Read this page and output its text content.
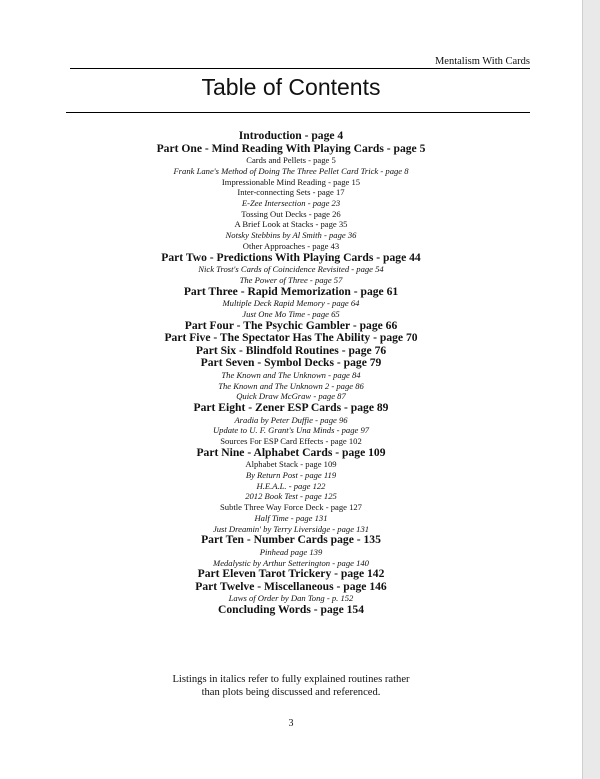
Mentalism With Cards
Table of Contents
Introduction - page 4
Part One - Mind Reading With Playing Cards - page 5
Cards and Pellets - page 5
Frank Lane's Method of Doing The Three Pellet Card Trick - page 8
Impressionable Mind Reading - page 15
Inter-connecting Sets - page 17
E-Zee Intersection - page 23
Tossing Out Decks - page 26
A Brief Look at Stacks - page 35
Notsky Stebbins by Al Smith - page 36
Other Approaches - page 43
Part Two - Predictions With Playing Cards - page 44
Nick Trost's Cards of Coincidence Revisited - page 54
The Power of Three - page 57
Part Three - Rapid Memorization - page 61
Multiple Deck Rapid Memory - page 64
Just One Mo Time - page 65
Part Four - The Psychic Gambler - page 66
Part Five - The Spectator Has The Ability - page 70
Part Six - Blindfold Routines - page 76
Part Seven - Symbol Decks - page 79
The Known and The Unknown - page 84
The Known and The Unknown 2 - page 86
Quick Draw McGraw - page 87
Part Eight - Zener ESP Cards - page 89
Aradia by Peter Duffie - page 96
Update to U. F. Grant's Una Minds - page 97
Sources For ESP Card Effects - page 102
Part Nine - Alphabet Cards - page 109
Alphabet Stack - page 109
By Return Post - page 119
H.E.A.L. - page 122
2012 Book Test - page 125
Subtle Three Way Force Deck - page 127
Half Time - page 131
Just Dreamin' by Terry Liversidge - page 131
Part Ten - Number Cards page - 135
Pinhead page 139
Medalystic by Arthur Setterington - page 140
Part Eleven Tarot Trickery - page 142
Part Twelve - Miscellaneous - page 146
Laws of Order by Dan Tong - p. 152
Concluding Words - page 154

Listings in italics refer to fully explained routines rather
than plots being discussed and referenced.

3
